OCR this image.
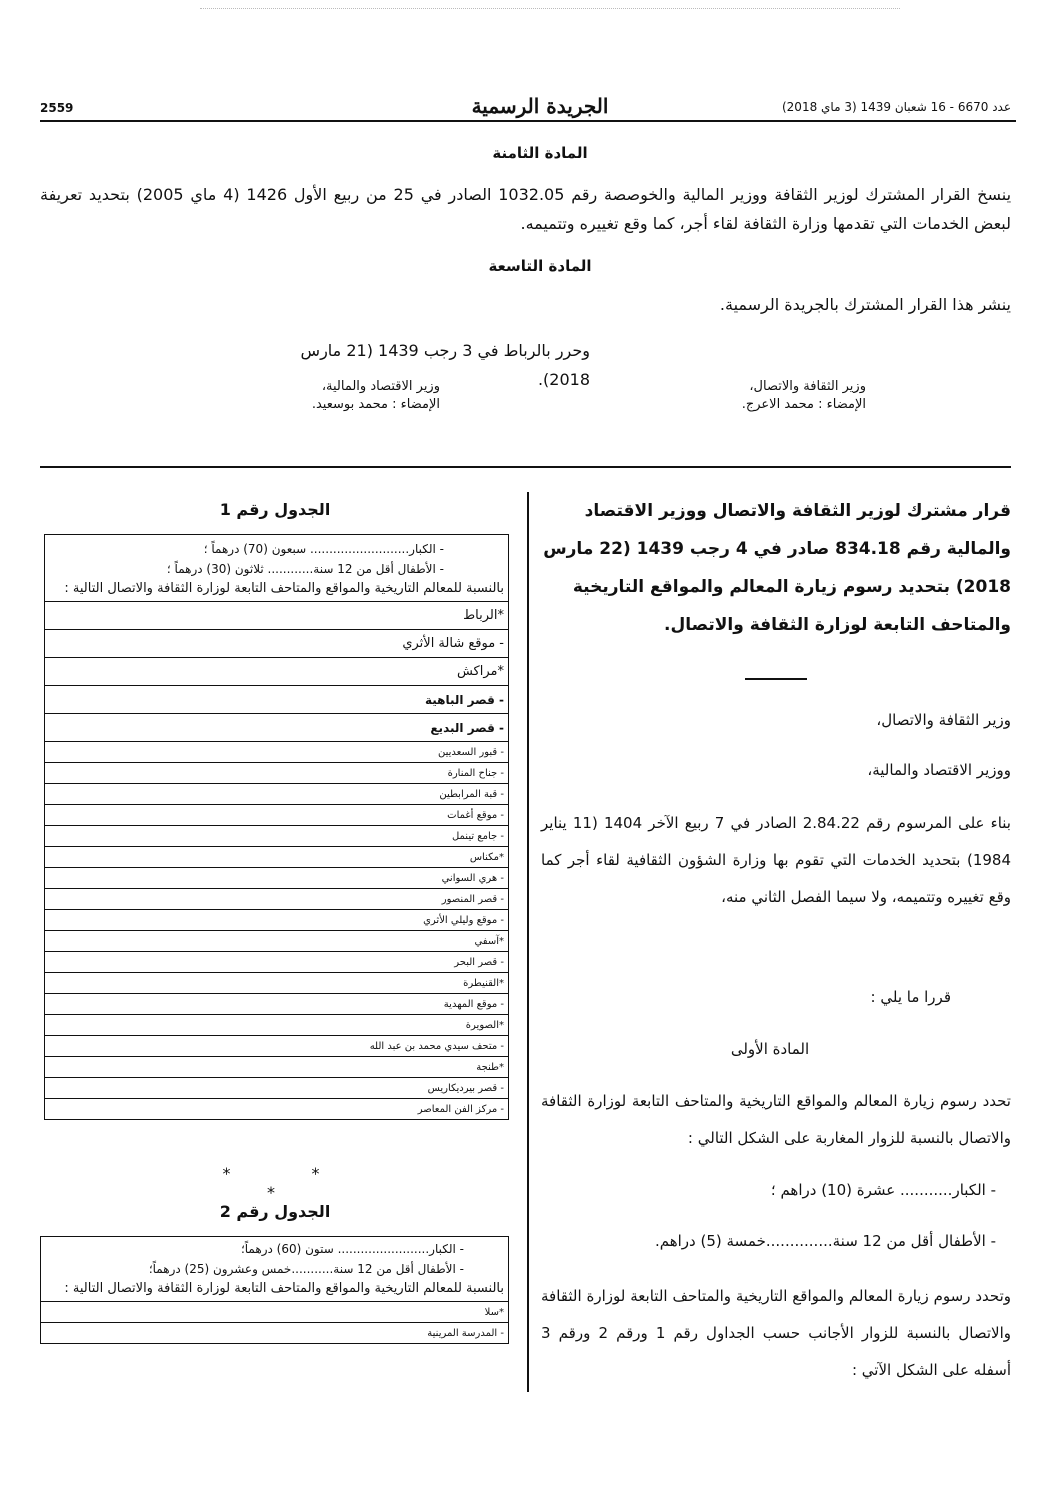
2559	الجريدة الرسمية	عدد 6670 - 16 شعبان 1439 (3 ماي 2018)
المادة الثامنة
ينسخ القرار المشترك لوزير الثقافة ووزير المالية والخوصصة رقم 1032.05 الصادر في 25 من ربيع الأول 1426 (4 ماي 2005) بتحديد تعريفة لبعض الخدمات التي تقدمها وزارة الثقافة لقاء أجر، كما وقع تغييره وتتميمه.
المادة التاسعة
ينشر هذا القرار المشترك بالجريدة الرسمية.
وحرر بالرباط في 3 رجب 1439 (21 مارس 2018).	وزير الثقافة والاتصال،
الإمضاء : محمد الاعرج.
وزير الاقتصاد والمالية،
الإمضاء : محمد بوسعيد.
قرار مشترك لوزير الثقافة والاتصال ووزير الاقتصاد والمالية رقم 834.18 صادر في 4 رجب 1439 (22 مارس 2018) بتحديد رسوم زيارة المعالم والمواقع التاريخية والمتاحف التابعة لوزارة الثقافة والاتصال.
وزير الثقافة والاتصال،
ووزير الاقتصاد والمالية،
بناء على المرسوم رقم 2.84.22 الصادر في 7 ربيع الآخر 1404 (11 يناير 1984) بتحديد الخدمات التي تقوم بها وزارة الشؤون الثقافية لقاء أجر كما وقع تغييره وتتميمه، ولا سيما الفصل الثاني منه،
قررا ما يلي :
المادة الأولى
تحدد رسوم زيارة المعالم والمواقع التاريخية والمتاحف التابعة لوزارة الثقافة والاتصال بالنسبة للزوار المغاربة على الشكل التالي :
- الكبار........... عشرة (10) دراهم ؛
- الأطفال أقل من 12 سنة..............خمسة (5) دراهم.
وتحدد رسوم زيارة المعالم والمواقع التاريخية والمتاحف التابعة لوزارة الثقافة والاتصال بالنسبة للزوار الأجانب حسب الجداول رقم 1 ورقم 2 ورقم 3 أسفله على الشكل الآتي :
الجدول رقم 1
- الكبار.......................... سبعون (70) درهماً ؛
- الأطفال أقل من 12 سنة............ ثلاثون (30) درهماً ؛
بالنسبة للمعالم التاريخية والمواقع والمتاحف التابعة لوزارة الثقافة والاتصال التالية :

*الرباط
- موقع شالة الأثري
*مراكش
- قصر الباهية
- قصر البديع
- قبور السعديين
- جناح المنارة
- قبة المرابطين
- موقع أغمات
- جامع تينمل
*مكناس
- هري السواني
- قصر المنصور
- موقع وليلي الأثري
*آسفي
- قصر البحر
*القنيطرة
- موقع المهدية
*الصويرة
- متحف سيدي محمد بن عبد الله
*طنجة
- قصر بيرديكاريس
- مركز الفن المعاصر
* * *
الجدول رقم 2
- الكبار........................ ستون (60) درهماً؛
- الأطفال أقل من 12 سنة...........خمس وعشرون (25) درهماً؛
بالنسبة للمعالم التاريخية والمواقع والمتاحف التابعة لوزارة الثقافة والاتصال التالية :

*سلا
- المدرسة المرينية
